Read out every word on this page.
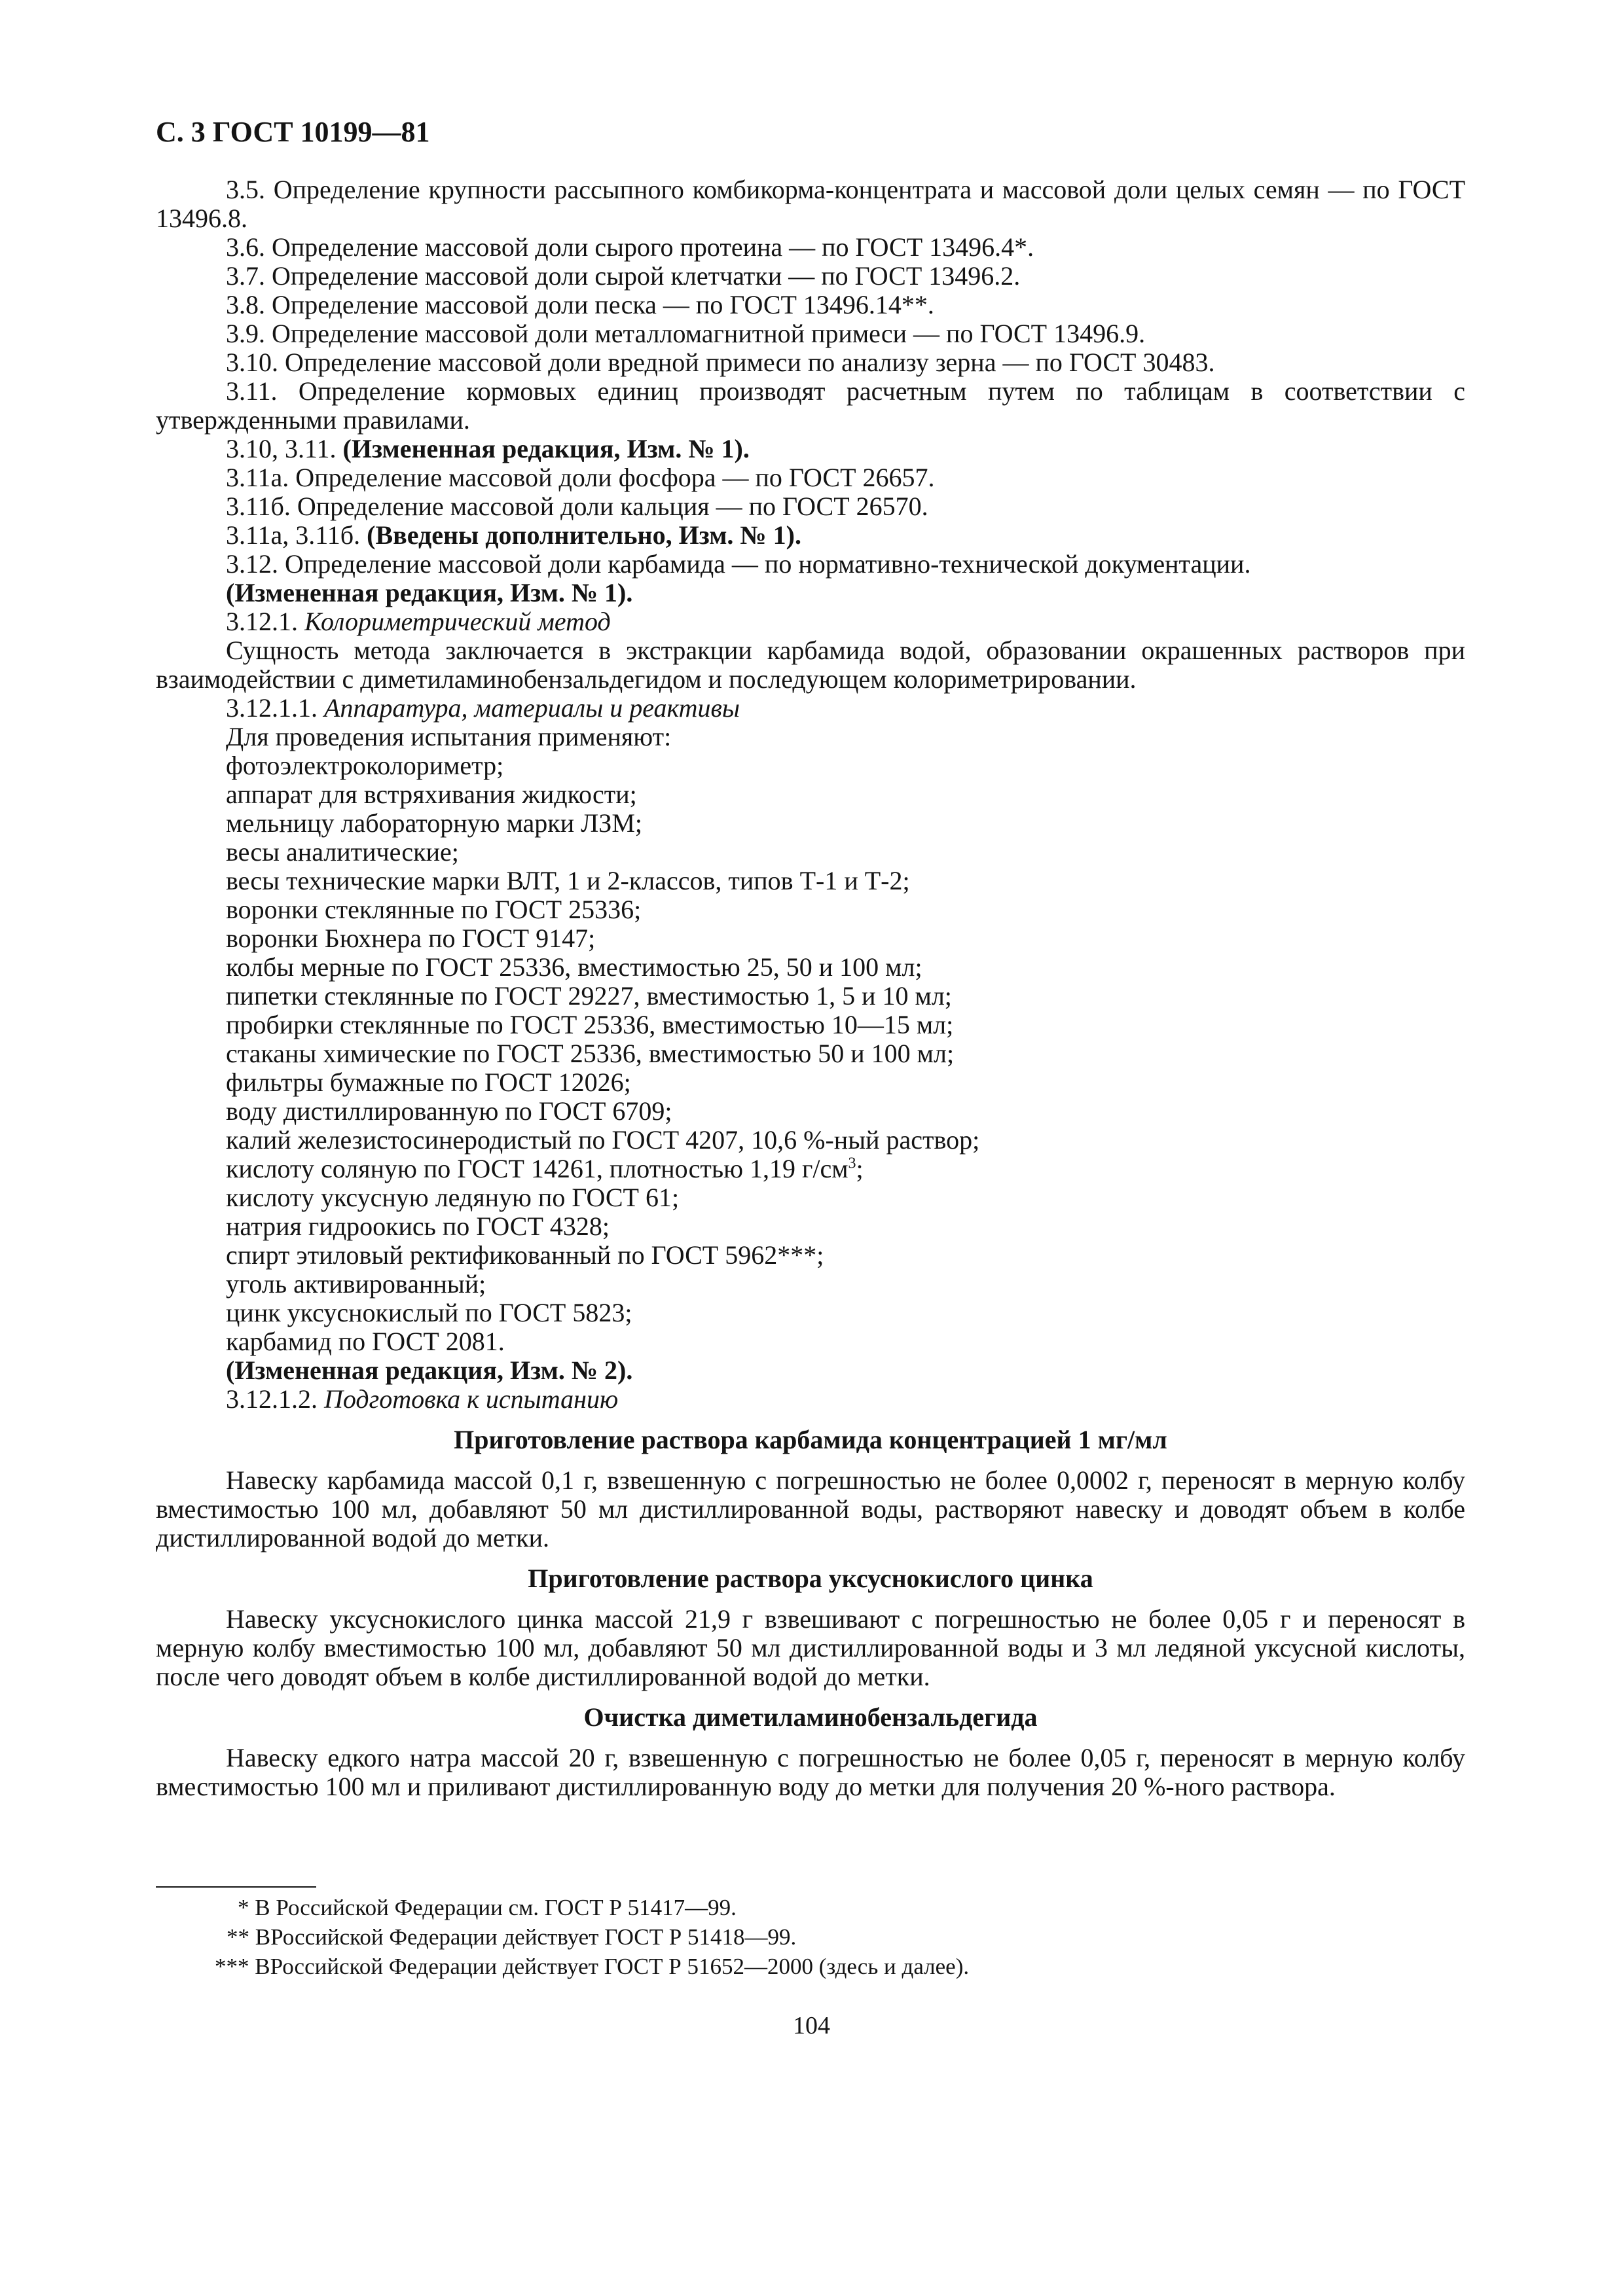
С. 3 ГОСТ 10199—81

3.5. Определение крупности рассыпного комбикорма-концентрата и массовой доли целых семян — по ГОСТ 13496.8.

3.6. Определение массовой доли сырого протеина — по ГОСТ 13496.4*.

3.7. Определение массовой доли сырой клетчатки — по ГОСТ 13496.2.

3.8. Определение массовой доли песка — по ГОСТ 13496.14**.

3.9. Определение массовой доли металломагнитной примеси — по ГОСТ 13496.9.

3.10. Определение массовой доли вредной примеси по анализу зерна — по ГОСТ 30483.

3.11. Определение кормовых единиц производят расчетным путем по таблицам в соответствии с утвержденными правилами.

3.10, 3.11. (Измененная редакция, Изм. № 1).

3.11а. Определение массовой доли фосфора — по ГОСТ 26657.

3.11б. Определение массовой доли кальция — по ГОСТ 26570.

3.11а, 3.11б. (Введены дополнительно, Изм. № 1).

3.12. Определение массовой доли карбамида — по нормативно-технической документации.

(Измененная редакция, Изм. № 1).

3.12.1. Колориметрический метод

Сущность метода заключается в экстракции карбамида водой, образовании окрашенных растворов при взаимодействии с диметиламинобензальдегидом и последующем колориметрировании.

3.12.1.1. Аппаратура, материалы и реактивы

Для проведения испытания применяют:

фотоэлектроколориметр;

аппарат для встряхивания жидкости;

мельницу лабораторную марки ЛЗМ;

весы аналитические;

весы технические марки ВЛТ, 1 и 2-классов, типов Т-1 и Т-2;

воронки стеклянные по ГОСТ 25336;

воронки Бюхнера по ГОСТ 9147;

колбы мерные по ГОСТ 25336, вместимостью 25, 50 и 100 мл;

пипетки стеклянные по ГОСТ 29227, вместимостью 1, 5 и 10 мл;

пробирки стеклянные по ГОСТ 25336, вместимостью 10—15 мл;

стаканы химические по ГОСТ 25336, вместимостью 50 и 100 мл;

фильтры бумажные по ГОСТ 12026;

воду дистиллированную по ГОСТ 6709;

калий железистосинеродистый по ГОСТ 4207, 10,6 %-ный раствор;

кислоту соляную по ГОСТ 14261, плотностью 1,19 $г/см^3$;

кислоту уксусную ледяную по ГОСТ 61;

натрия гидроокись по ГОСТ 4328;

спирт этиловый ректификованный по ГОСТ 5962***;

уголь активированный;

цинк уксуснокислый по ГОСТ 5823;

карбамид по ГОСТ 2081.

(Измененная редакция, Изм. № 2).

3.12.1.2. Подготовка к испытанию

Приготовление раствора карбамида концентрацией 1 мг/мл

Навеску карбамида массой 0,1 г, взвешенную с погрешностью не более 0,0002 г, переносят в мерную колбу вместимостью 100 мл, добавляют 50 мл дистиллированной воды, растворяют навеску и доводят объем в колбе дистиллированной водой до метки.

Приготовление раствора уксуснокислого цинка

Навеску уксуснокислого цинка массой 21,9 г взвешивают с погрешностью не более 0,05 г и переносят в мерную колбу вместимостью 100 мл, добавляют 50 мл дистиллированной воды и 3 мл ледяной уксусной кислоты, после чего доводят объем в колбе дистиллированной водой до метки.

Очистка диметиламинобензальдегида

Навеску едкого натра массой 20 г, взвешенную с погрешностью не более 0,05 г, переносят в мерную колбу вместимостью 100 мл и приливают дистиллированную воду до метки для получения 20 %-ного раствора.

* В Российской Федерации см. ГОСТ Р 51417—99.

** ВРоссийской Федерации действует ГОСТ Р 51418—99.

*** ВРоссийской Федерации действует ГОСТ Р 51652—2000 (здесь и далее).

104
